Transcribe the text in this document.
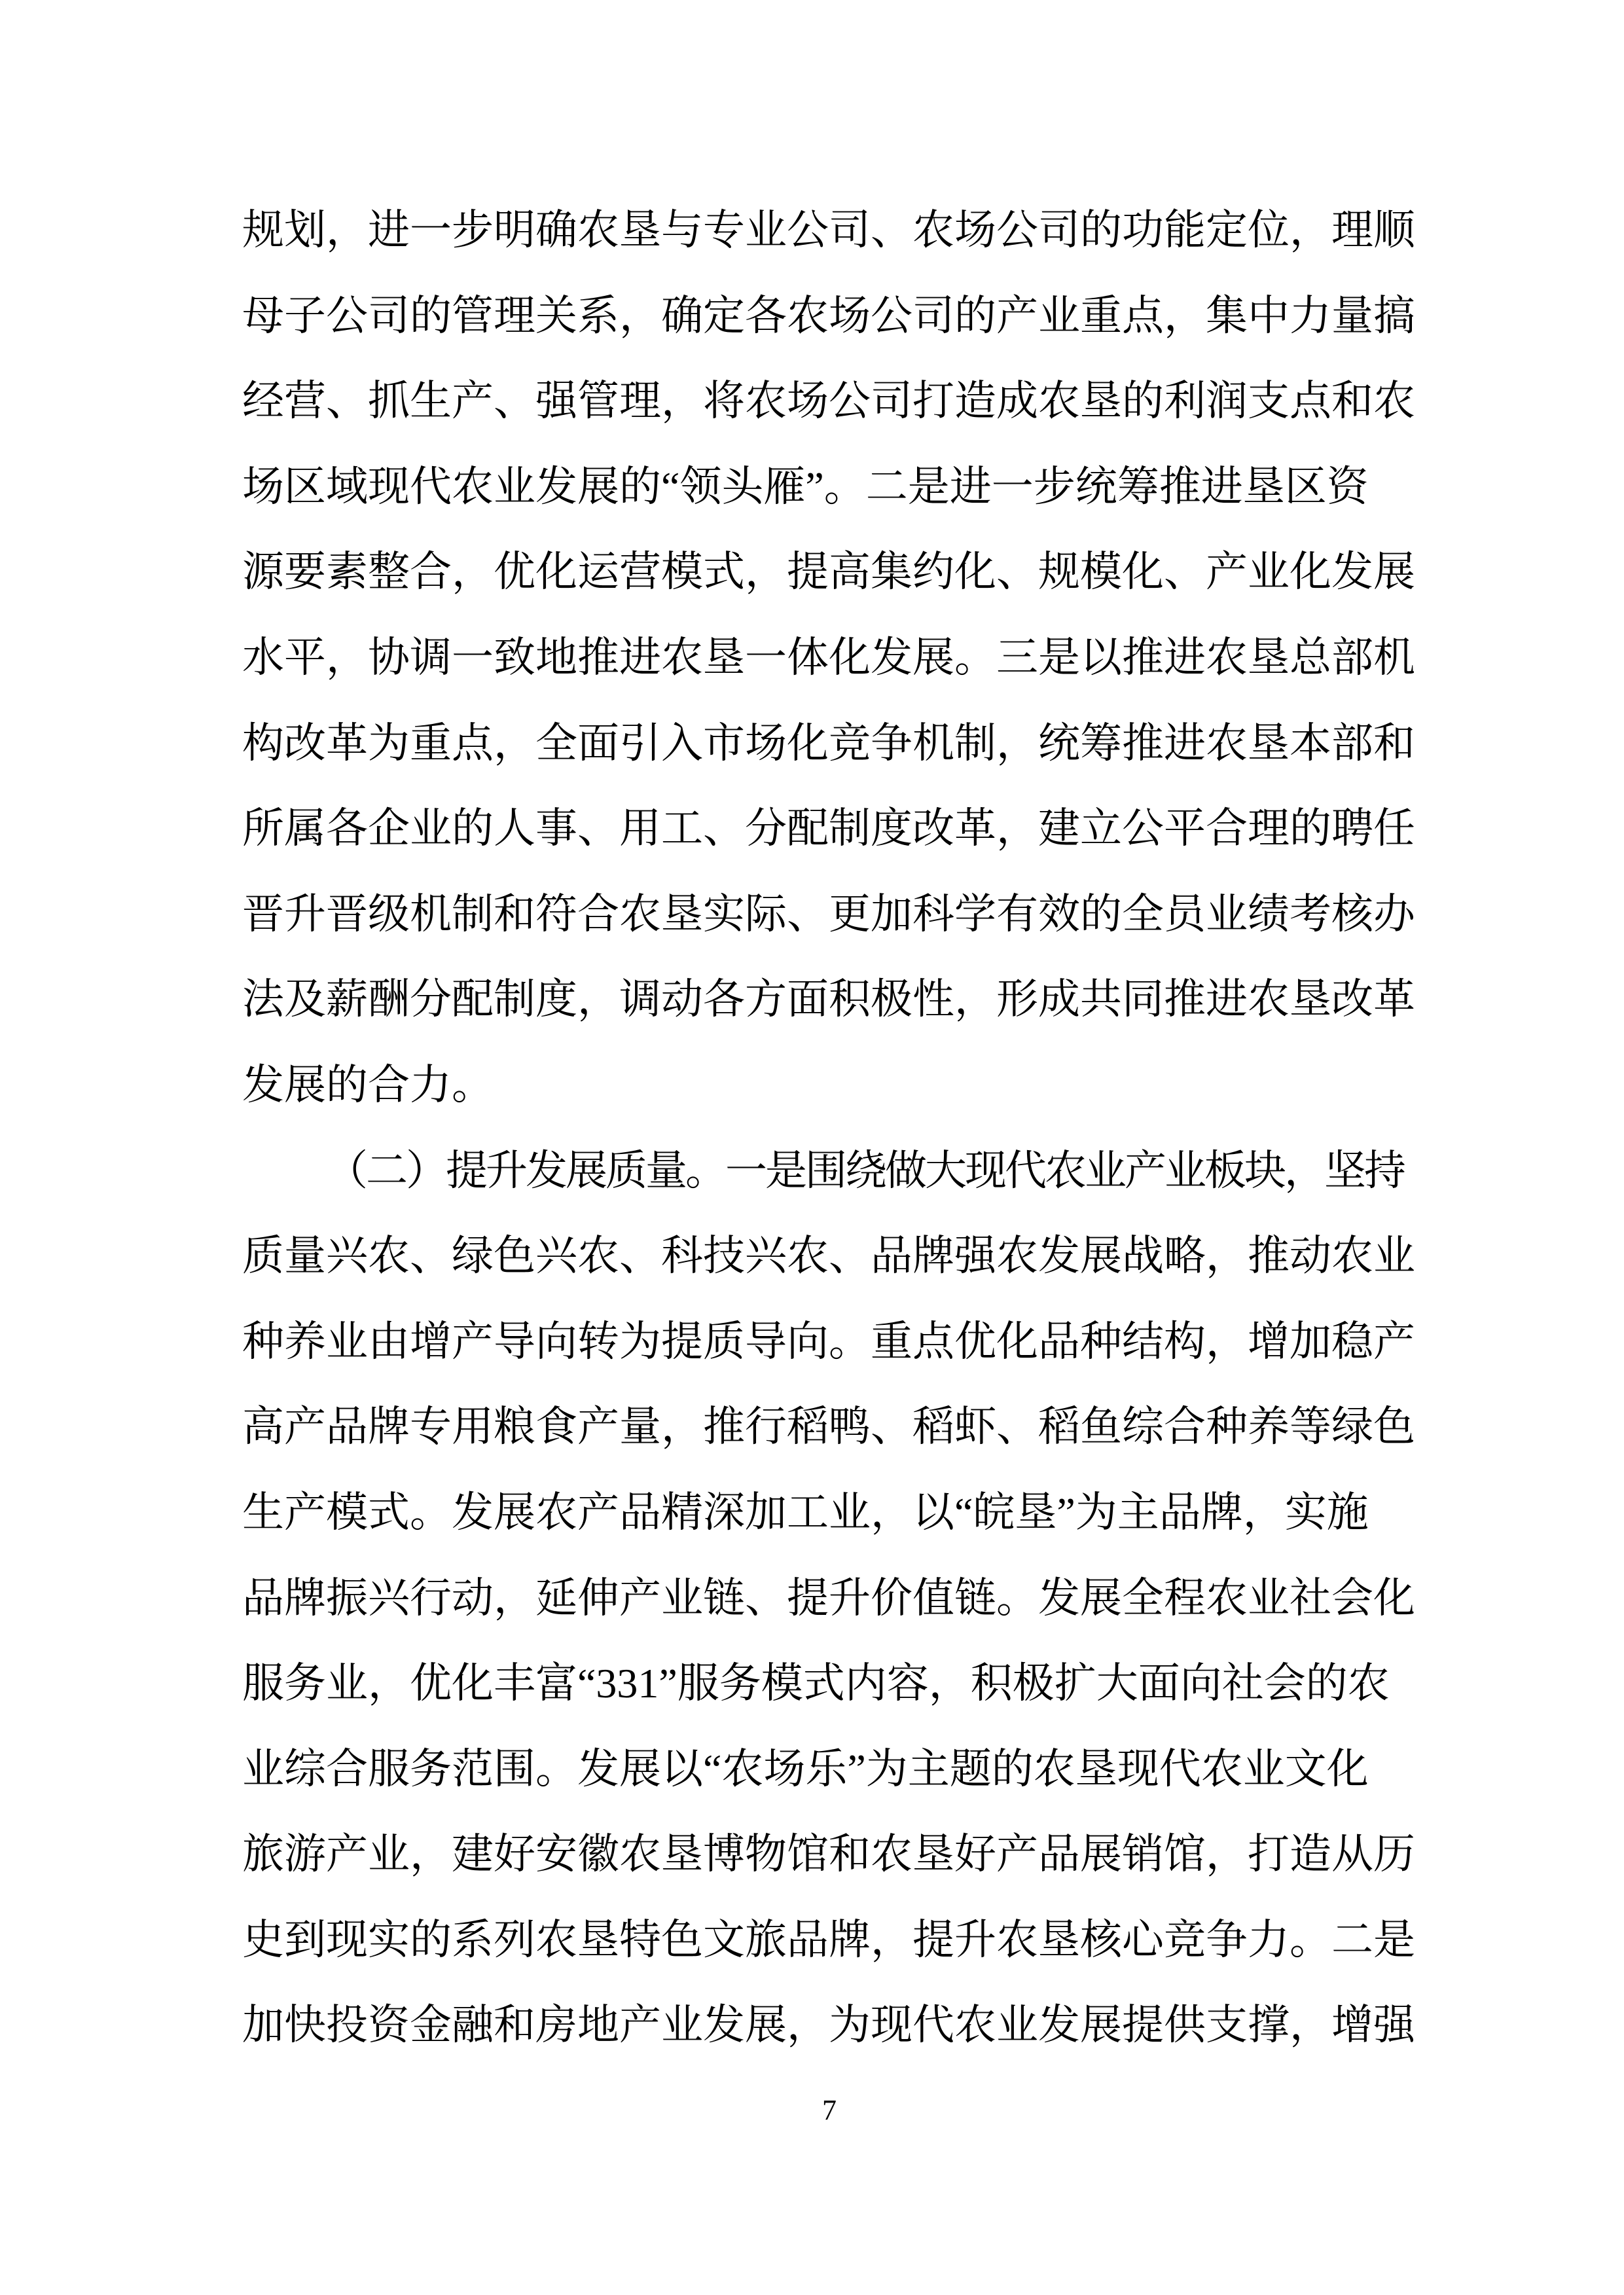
规划，进一步明确农垦与专业公司、农场公司的功能定位，理顺
母子公司的管理关系，确定各农场公司的产业重点，集中力量搞
经营、抓生产、强管理，将农场公司打造成农垦的利润支点和农
场区域现代农业发展的“领头雁”。二是进一步统筹推进垦区资
源要素整合，优化运营模式，提高集约化、规模化、产业化发展
水平，协调一致地推进农垦一体化发展。三是以推进农垦总部机
构改革为重点，全面引入市场化竞争机制，统筹推进农垦本部和
所属各企业的人事、用工、分配制度改革，建立公平合理的聘任
晋升晋级机制和符合农垦实际、更加科学有效的全员业绩考核办
法及薪酬分配制度，调动各方面积极性，形成共同推进农垦改革
发展的合力。
（二）提升发展质量。一是围绕做大现代农业产业板块，坚持
质量兴农、绿色兴农、科技兴农、品牌强农发展战略，推动农业
种养业由增产导向转为提质导向。重点优化品种结构，增加稳产
高产品牌专用粮食产量，推行稻鸭、稻虾、稻鱼综合种养等绿色
生产模式。发展农产品精深加工业，以“皖垦”为主品牌，实施
品牌振兴行动，延伸产业链、提升价值链。发展全程农业社会化
服务业，优化丰富“331”服务模式内容，积极扩大面向社会的农
业综合服务范围。发展以“农场乐”为主题的农垦现代农业文化
旅游产业，建好安徽农垦博物馆和农垦好产品展销馆，打造从历
史到现实的系列农垦特色文旅品牌，提升农垦核心竞争力。二是
加快投资金融和房地产业发展，为现代农业发展提供支撑，增强
7
